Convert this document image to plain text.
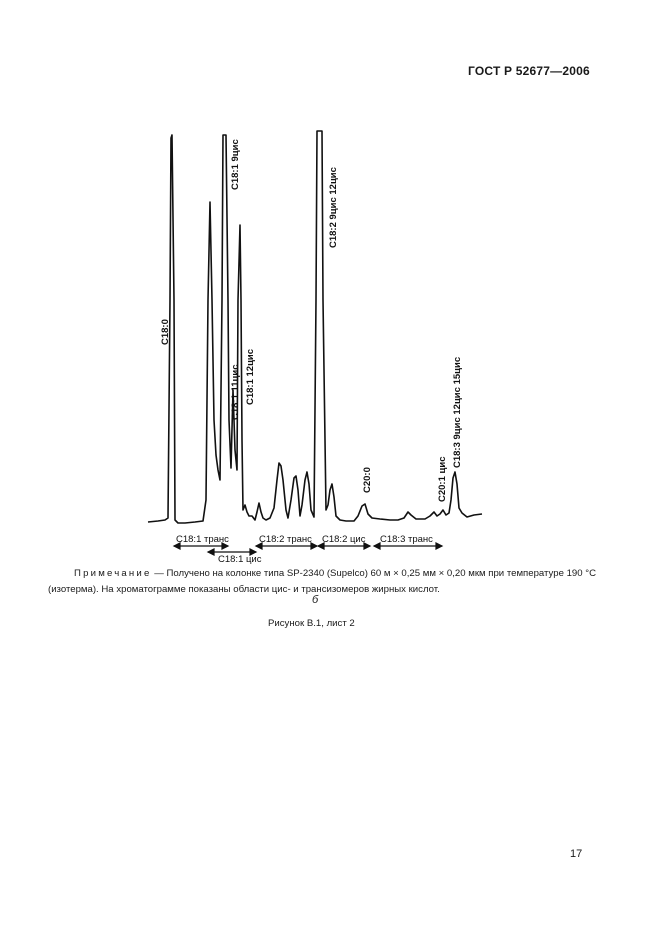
ГОСТ Р 52677—2006
C18:0
C18:1 9цис
C18:1 11цис C18:1 12цис
C18:2 9цис 12цис
C20:0	C20:1 цис
C18:3 9цис 12цис 15цис
C18:1 транс
C18:1 цис
C18:2 транс C18:2 цис C18:3 транс
Примечание — Получено на колонке типа SP-2340 (Supelco) 60 м × 0,25 мм × 0,20 мкм при температуре 190 °С (изотерма). На хроматограмме показаны области цис- и трансизомеров жирных кислот.
б
Рисунок В.1, лист 2
17
